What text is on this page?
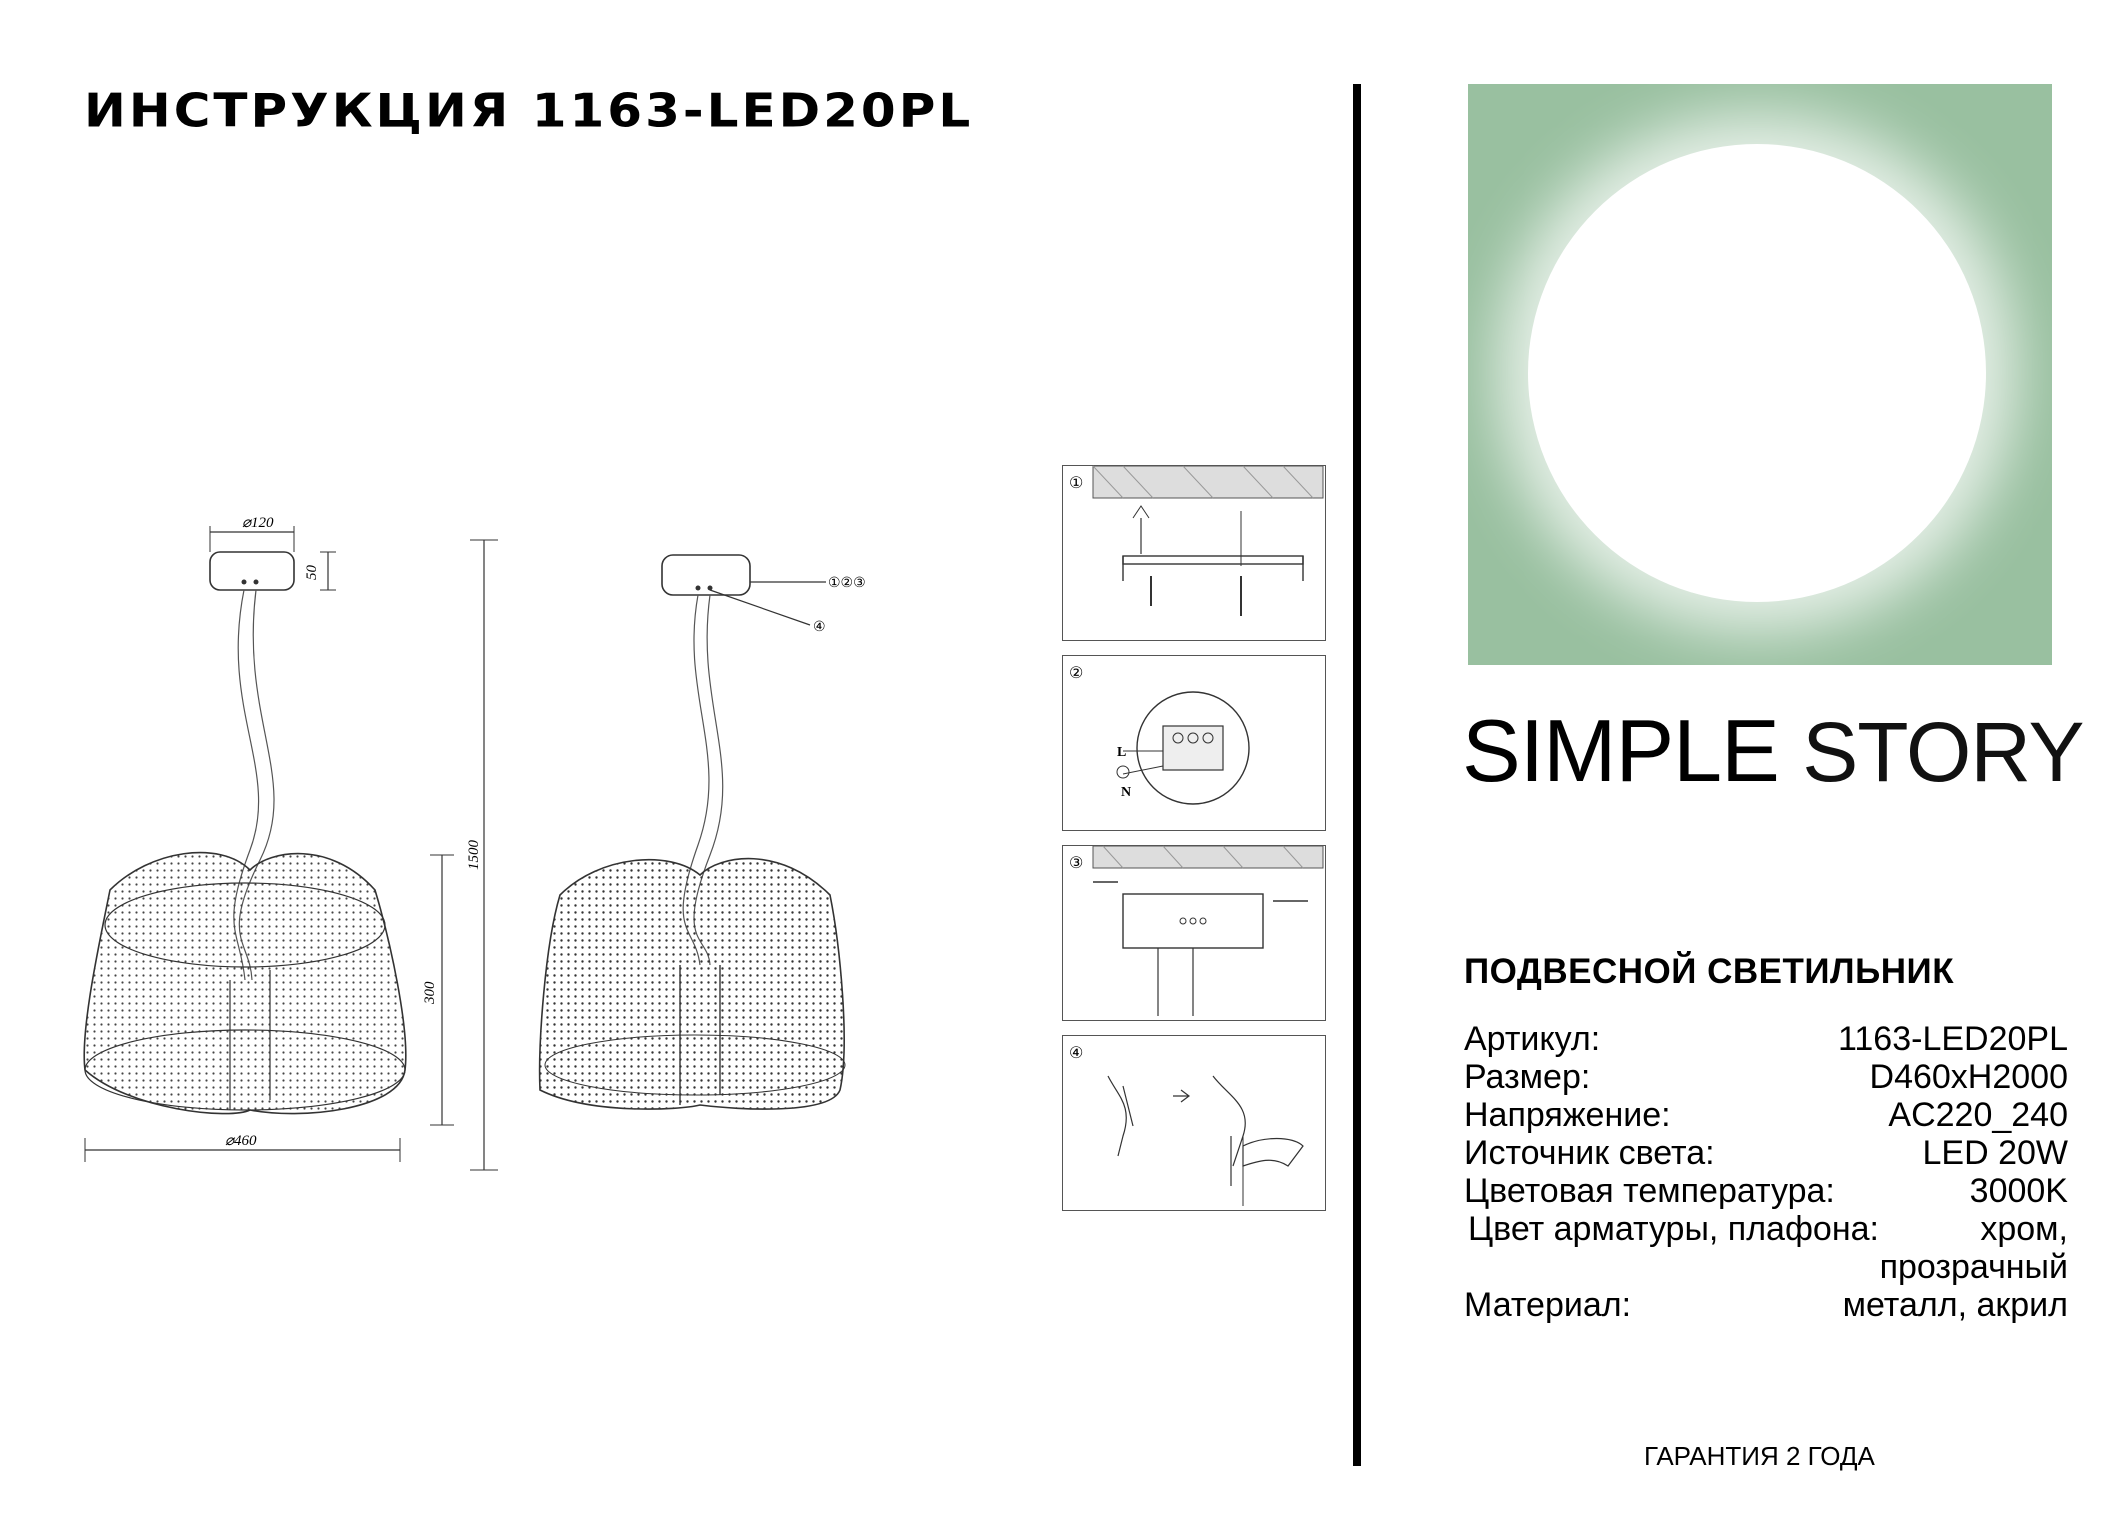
ИНСТРУКЦИЯ 1163-LED20PL
⌀120
50
1500
300
⌀460
①②③
④
①
②
L
N
③
④
SIMPLE STORY
ПОДВЕСНОЙ СВЕТИЛЬНИК
Артикул:	1163-LED20PL
Размер:	D460xH2000
Напряжение:	AC220_240
Источник света:	LED 20W
Цветовая температура:	3000K
Цвет арматуры, плафона:	хром,
прозрачный
Материал:	металл, акрил
ГАРАНТИЯ 2 ГОДА
